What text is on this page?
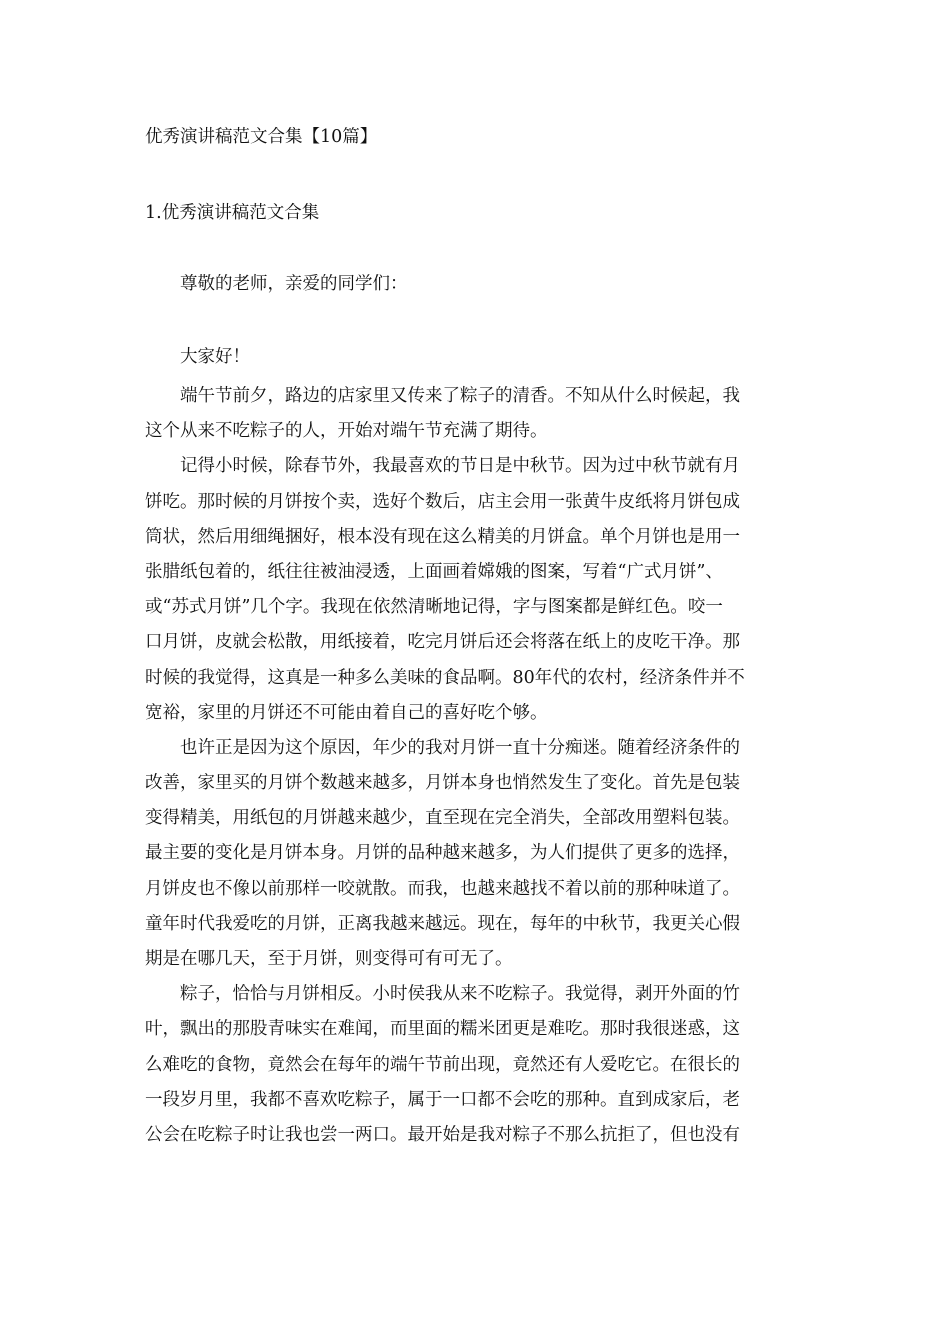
优秀演讲稿范文合集【10篇】
1.优秀演讲稿范文合集
尊敬的老师，亲爱的同学们：
大家好！
端午节前夕，路边的店家里又传来了粽子的清香。不知从什么时候起，我
这个从来不吃粽子的人，开始对端午节充满了期待。
记得小时候，除春节外，我最喜欢的节日是中秋节。因为过中秋节就有月
饼吃。那时候的月饼按个卖，选好个数后，店主会用一张黄牛皮纸将月饼包成
筒状，然后用细绳捆好，根本没有现在这么精美的月饼盒。单个月饼也是用一
张腊纸包着的，纸往往被油浸透，上面画着嫦娥的图案，写着“广式月饼”、
或“苏式月饼”几个字。我现在依然清晰地记得，字与图案都是鲜红色。咬一
口月饼，皮就会松散，用纸接着，吃完月饼后还会将落在纸上的皮吃干净。那
时候的我觉得，这真是一种多么美味的食品啊。80年代的农村，经济条件并不
宽裕，家里的月饼还不可能由着自己的喜好吃个够。
也许正是因为这个原因，年少的我对月饼一直十分痴迷。随着经济条件的
改善，家里买的月饼个数越来越多，月饼本身也悄然发生了变化。首先是包装
变得精美，用纸包的月饼越来越少，直至现在完全消失，全部改用塑料包装。
最主要的变化是月饼本身。月饼的品种越来越多，为人们提供了更多的选择，
月饼皮也不像以前那样一咬就散。而我，也越来越找不着以前的那种味道了。
童年时代我爱吃的月饼，正离我越来越远。现在，每年的中秋节，我更关心假
期是在哪几天，至于月饼，则变得可有可无了。
粽子，恰恰与月饼相反。小时侯我从来不吃粽子。我觉得，剥开外面的竹
叶，飘出的那股青味实在难闻，而里面的糯米团更是难吃。那时我很迷惑，这
么难吃的食物，竟然会在每年的端午节前出现，竟然还有人爱吃它。在很长的
一段岁月里，我都不喜欢吃粽子，属于一口都不会吃的那种。直到成家后，老
公会在吃粽子时让我也尝一两口。最开始是我对粽子不那么抗拒了，但也没有
